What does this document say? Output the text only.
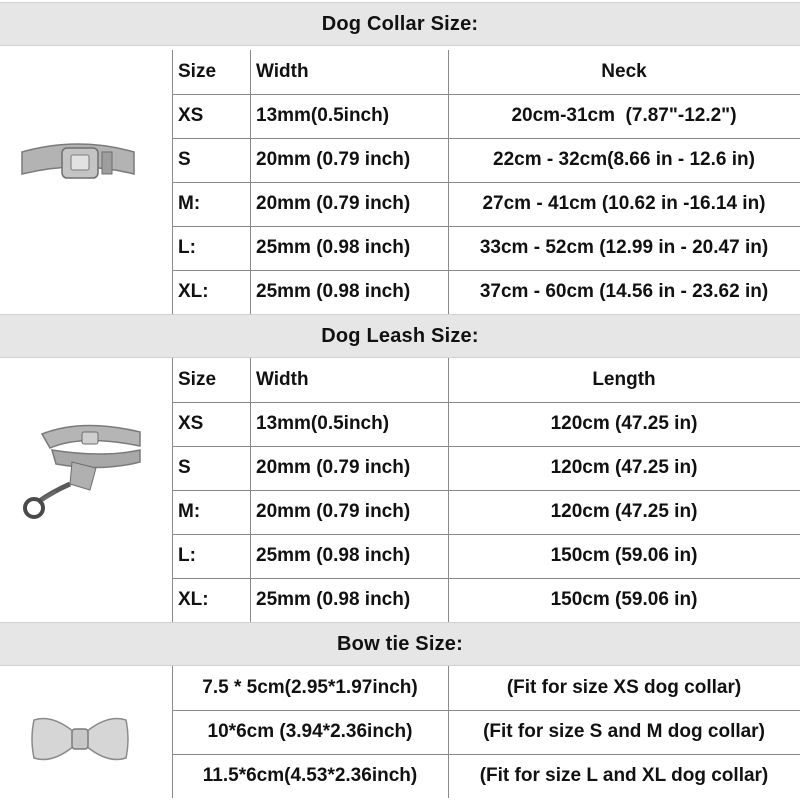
Dog Collar Size:
Size	Width	Neck
XS	13mm(0.5inch)	20cm-31cm  (7.87"-12.2")
S	20mm (0.79 inch)	22cm - 32cm(8.66 in - 12.6 in)
M:	20mm (0.79 inch)	27cm - 41cm (10.62 in -16.14 in)
L:	25mm (0.98 inch)	33cm - 52cm (12.99 in - 20.47 in)
XL:	25mm (0.98 inch)	37cm - 60cm (14.56 in - 23.62 in)
Dog Leash Size:
Size	Width	Length
XS	13mm(0.5inch)	120cm (47.25 in)
S	20mm (0.79 inch)	120cm (47.25 in)
M:	20mm (0.79 inch)	120cm (47.25 in)
L:	25mm (0.98 inch)	150cm (59.06 in)
XL:	25mm (0.98 inch)	150cm (59.06 in)
Bow tie Size:
7.5 * 5cm(2.95*1.97inch)	(Fit for size XS dog collar)
10*6cm (3.94*2.36inch)	(Fit for size S and M dog collar)
11.5*6cm(4.53*2.36inch)	(Fit for size L and XL dog collar)
